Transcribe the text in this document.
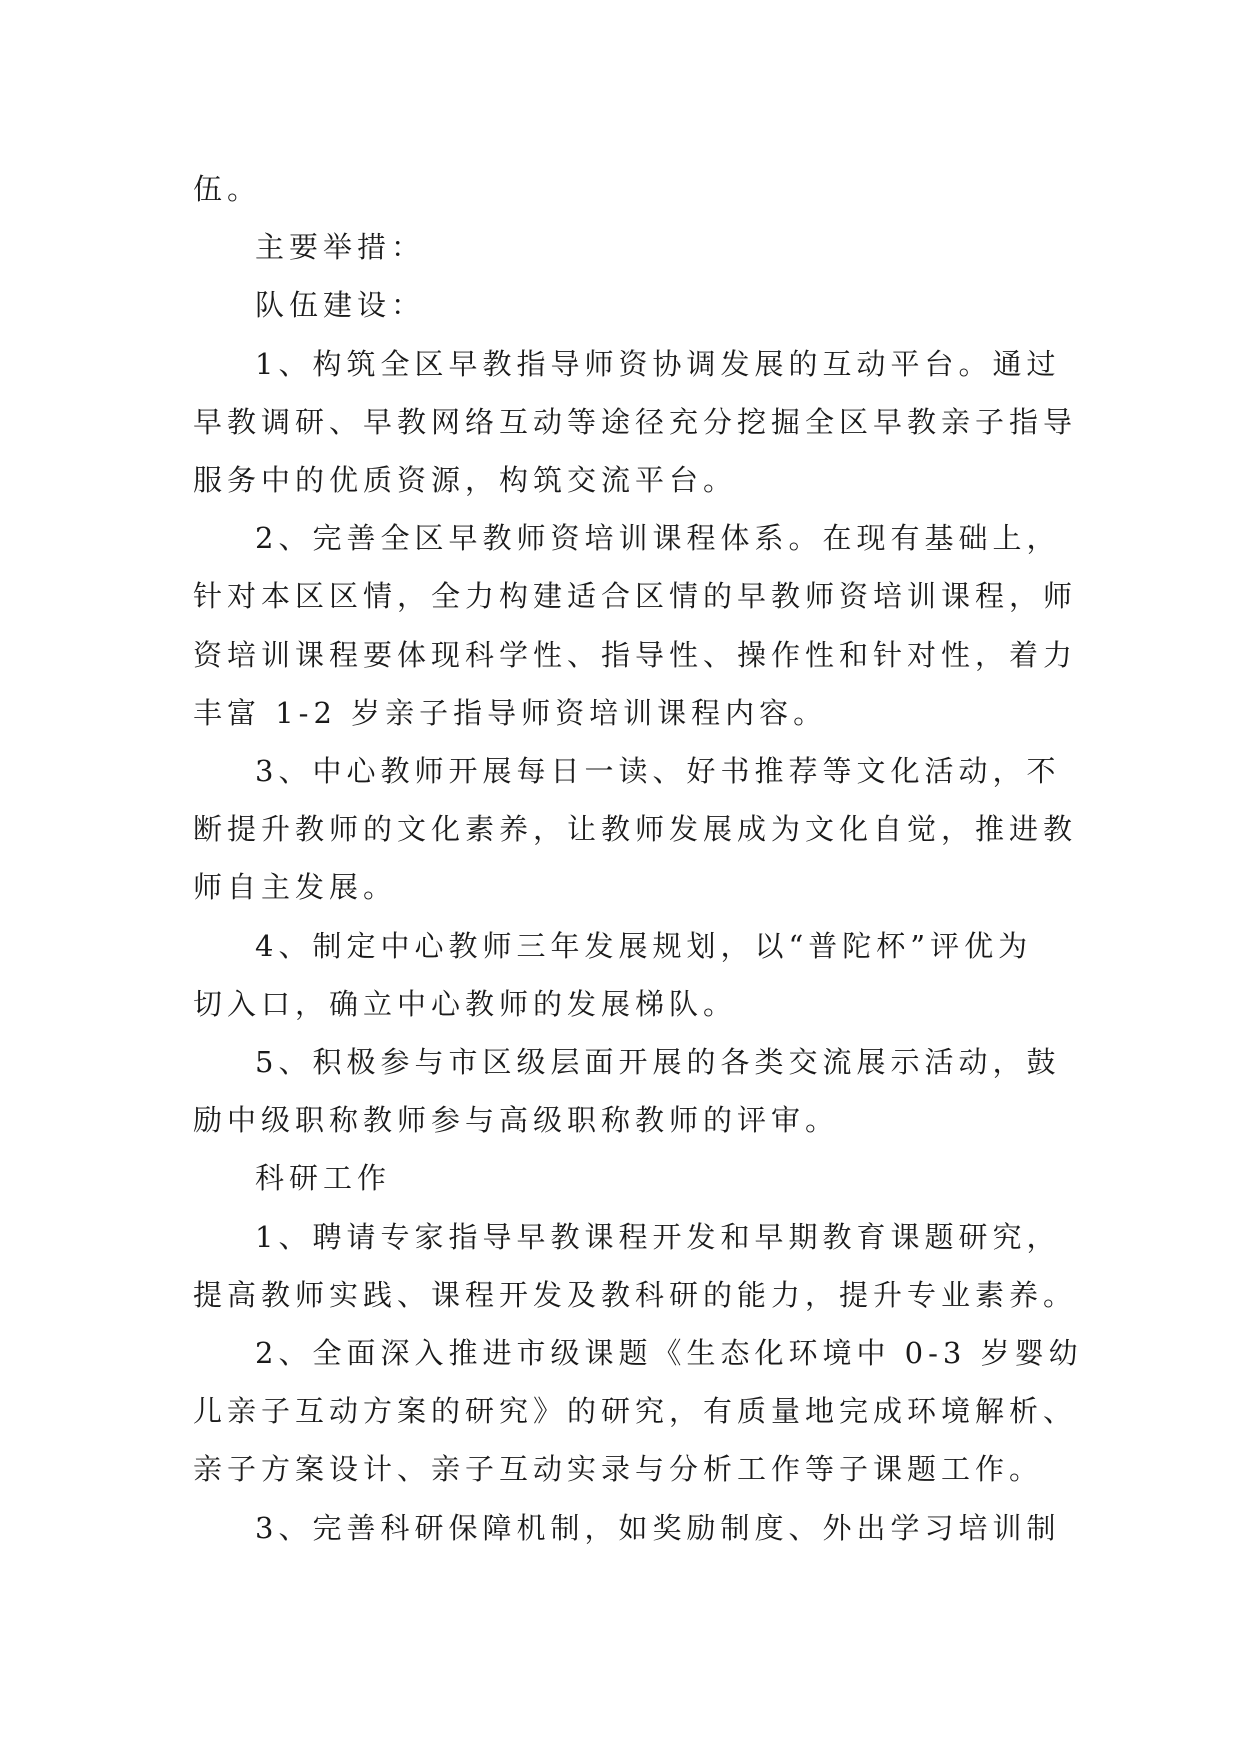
伍。

主要举措：

队伍建设：

1、构筑全区早教指导师资协调发展的互动平台。通过

早教调研、早教网络互动等途径充分挖掘全区早教亲子指导

服务中的优质资源，构筑交流平台。

2、完善全区早教师资培训课程体系。在现有基础上，

针对本区区情，全力构建适合区情的早教师资培训课程，师

资培训课程要体现科学性、指导性、操作性和针对性，着力

丰富 1-2 岁亲子指导师资培训课程内容。

3、中心教师开展每日一读、好书推荐等文化活动，不

断提升教师的文化素养，让教师发展成为文化自觉，推进教

师自主发展。

4、制定中心教师三年发展规划，以“普陀杯”评优为

切入口，确立中心教师的发展梯队。

5、积极参与市区级层面开展的各类交流展示活动，鼓

励中级职称教师参与高级职称教师的评审。

科研工作

1、聘请专家指导早教课程开发和早期教育课题研究，

提高教师实践、课程开发及教科研的能力，提升专业素养。

2、全面深入推进市级课题《生态化环境中 0-3 岁婴幼

儿亲子互动方案的研究》的研究，有质量地完成环境解析、

亲子方案设计、亲子互动实录与分析工作等子课题工作。

3、完善科研保障机制，如奖励制度、外出学习培训制
